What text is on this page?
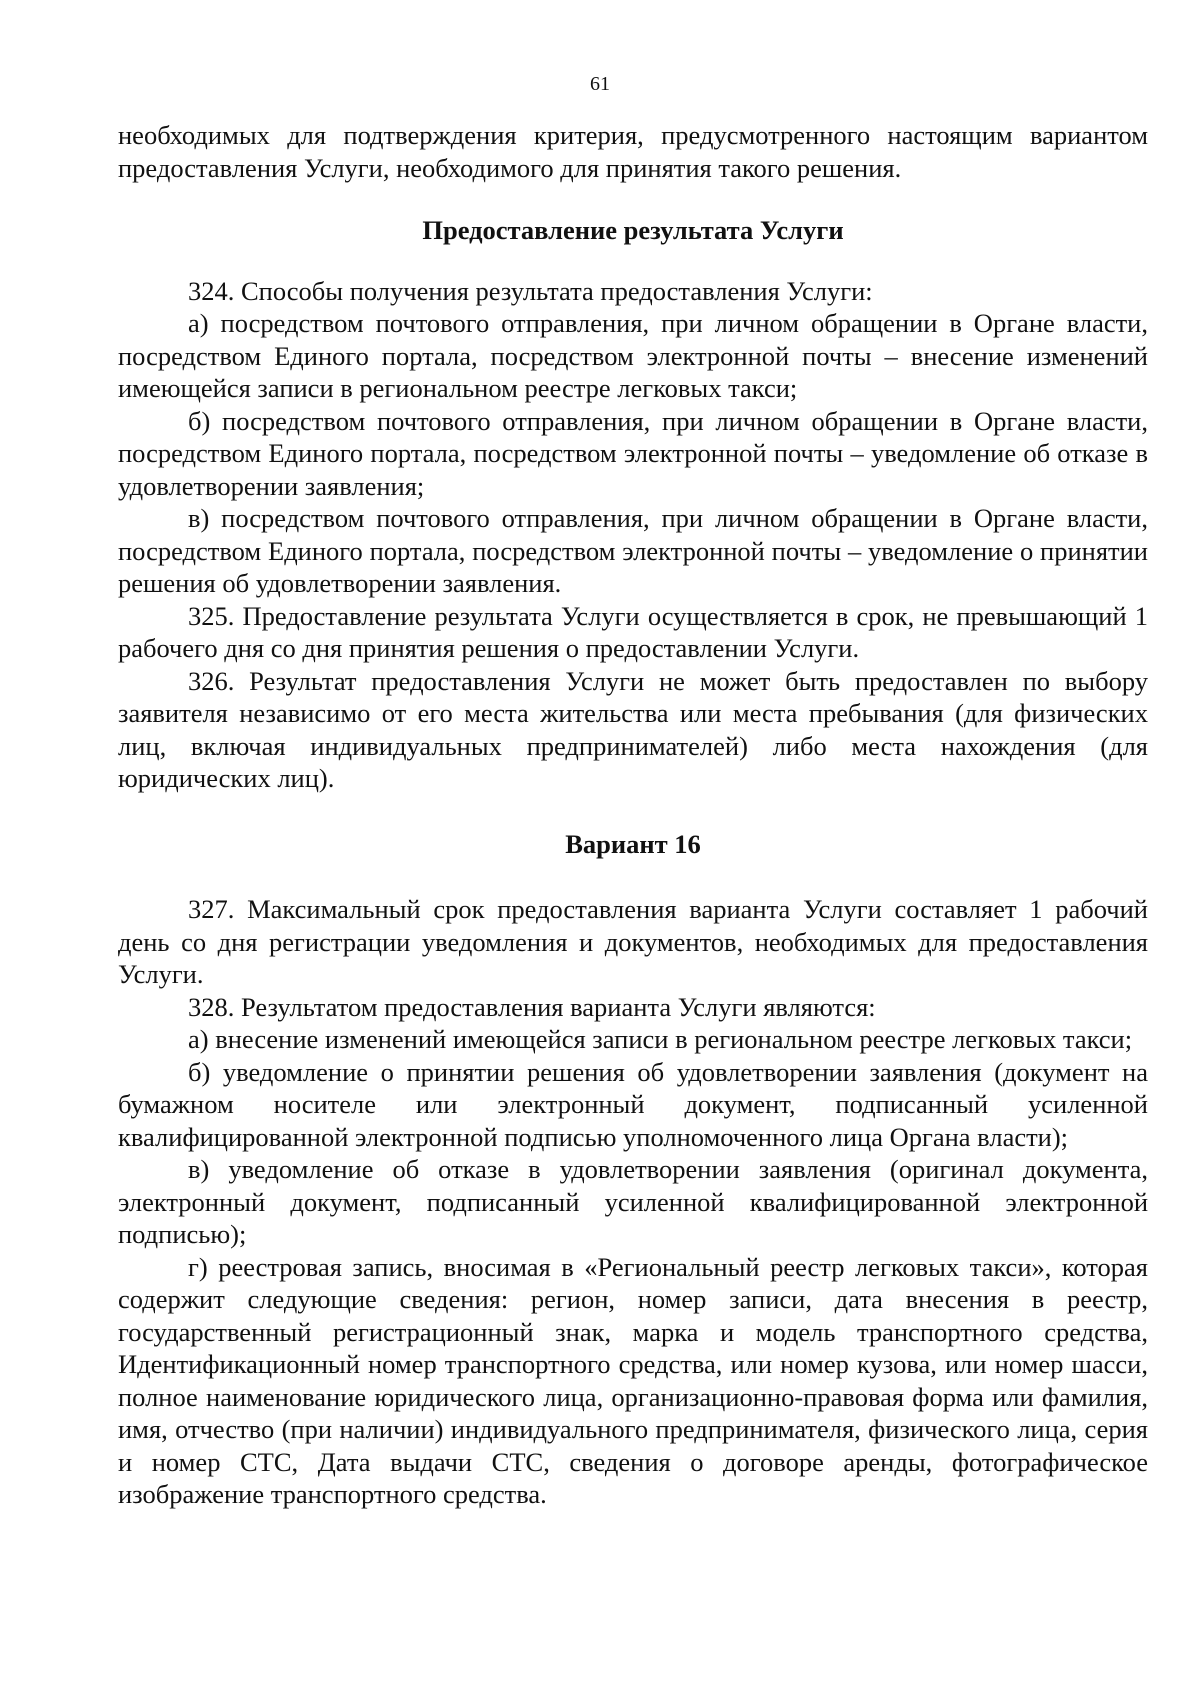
61

необходимых для подтверждения критерия, предусмотренного настоящим вариантом предоставления Услуги, необходимого для принятия такого решения.

Предоставление результата Услуги

324. Способы получения результата предоставления Услуги:

а) посредством почтового отправления, при личном обращении в Органе власти, посредством Единого портала, посредством электронной почты – внесение изменений имеющейся записи в региональном реестре легковых такси;

б) посредством почтового отправления, при личном обращении в Органе власти, посредством Единого портала, посредством электронной почты – уведомление об отказе в удовлетворении заявления;

в) посредством почтового отправления, при личном обращении в Органе власти, посредством Единого портала, посредством электронной почты – уведомление о принятии решения об удовлетворении заявления.

325. Предоставление результата Услуги осуществляется в срок, не превышающий 1 рабочего дня со дня принятия решения о предоставлении Услуги.

326. Результат предоставления Услуги не может быть предоставлен по выбору заявителя независимо от его места жительства или места пребывания (для физических лиц, включая индивидуальных предпринимателей) либо места нахождения (для юридических лиц).

Вариант 16

327. Максимальный срок предоставления варианта Услуги составляет 1 рабочий день со дня регистрации уведомления и документов, необходимых для предоставления Услуги.

328. Результатом предоставления варианта Услуги являются:

а) внесение изменений имеющейся записи в региональном реестре легковых такси;

б) уведомление о принятии решения об удовлетворении заявления (документ на бумажном носителе или электронный документ, подписанный усиленной квалифицированной электронной подписью уполномоченного лица Органа власти);

в) уведомление об отказе в удовлетворении заявления (оригинал документа, электронный документ, подписанный усиленной квалифицированной электронной подписью);

г) реестровая запись, вносимая в «Региональный реестр легковых такси», которая содержит следующие сведения: регион, номер записи, дата внесения в реестр, государственный регистрационный знак, марка и модель транспортного средства, Идентификационный номер транспортного средства, или номер кузова, или номер шасси, полное наименование юридического лица, организационно-правовая форма или фамилия, имя, отчество (при наличии) индивидуального предпринимателя, физического лица, серия и номер СТС, Дата выдачи СТС, сведения о договоре аренды, фотографическое изображение транспортного средства.
